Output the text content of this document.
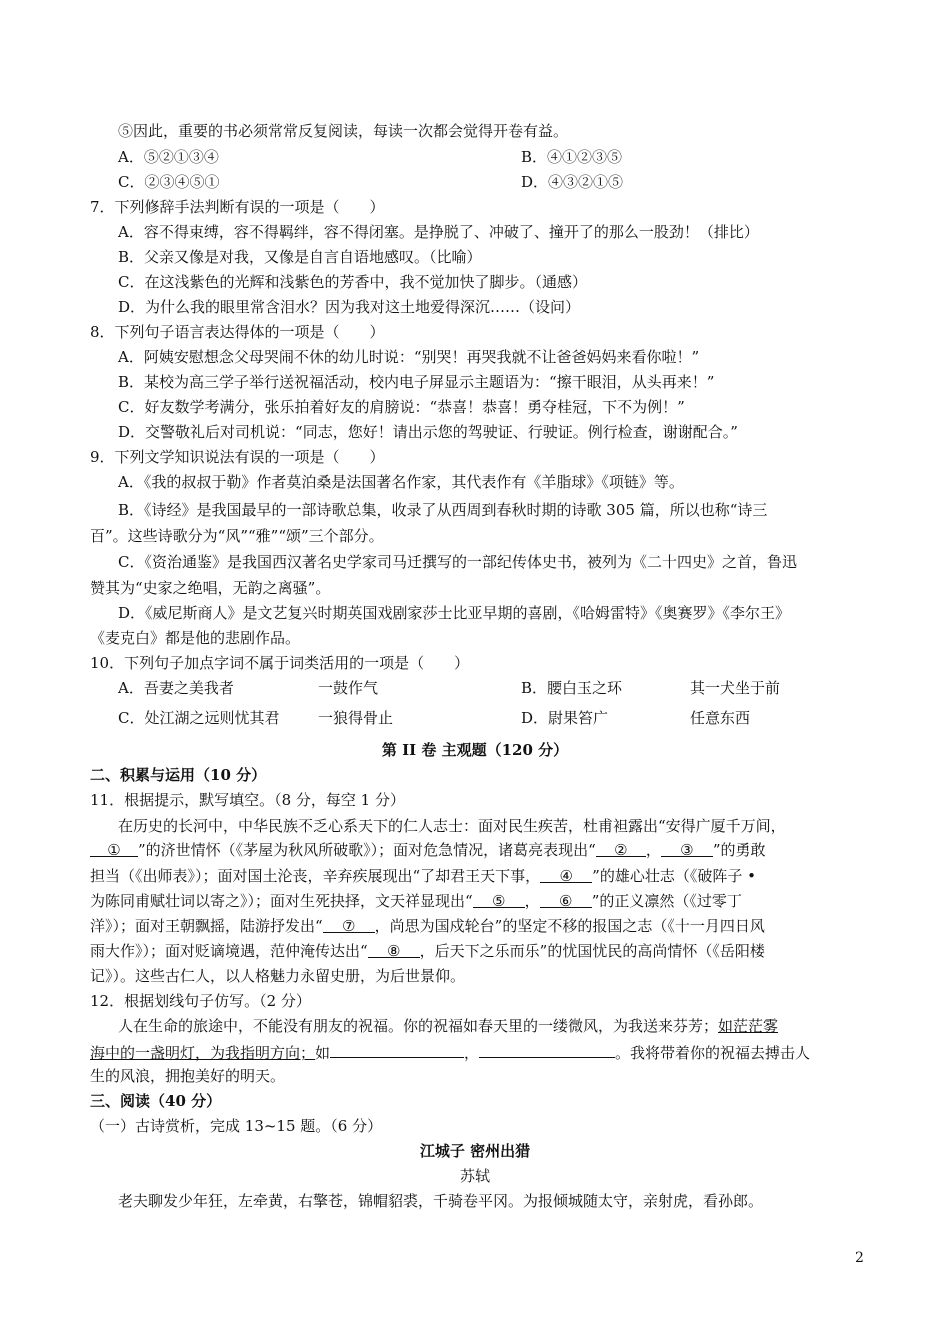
⑤因此，重要的书必须常常反复阅读，每读一次都会觉得开卷有益。
A．⑤②①③④	B．④①②③⑤
C．②③④⑤①	D．④③②①⑤
7．下列修辞手法判断有误的一项是（　　）
A．容不得束缚，容不得羁绊，容不得闭塞。是挣脱了、冲破了、撞开了的那么一股劲！（排比）
B．父亲又像是对我，又像是自言自语地感叹。（比喻）
C．在这浅紫色的光辉和浅紫色的芳香中，我不觉加快了脚步。（通感）
D．为什么我的眼里常含泪水？因为我对这土地爱得深沉……（设问）
8．下列句子语言表达得体的一项是（　　）
A．阿姨安慰想念父母哭闹不休的幼儿时说：“别哭！再哭我就不让爸爸妈妈来看你啦！”
B．某校为高三学子举行送祝福活动，校内电子屏显示主题语为：“擦干眼泪，从头再来！”
C．好友数学考满分，张乐拍着好友的肩膀说：“恭喜！恭喜！勇夺桂冠，下不为例！”
D．交警敬礼后对司机说：“同志，您好！请出示您的驾驶证、行驶证。例行检查，谢谢配合。”
9．下列文学知识说法有误的一项是（　　）
A．《我的叔叔于勒》作者莫泊桑是法国著名作家，其代表作有《羊脂球》《项链》等。
B．《诗经》是我国最早的一部诗歌总集，收录了从西周到春秋时期的诗歌 305 篇，所以也称“诗三
百”。这些诗歌分为“风”“雅”“颂”三个部分。
C．《资治通鉴》是我国西汉著名史学家司马迁撰写的一部纪传体史书，被列为《二十四史》之首，鲁迅
赞其为“史家之绝唱，无韵之离骚”。
D．《威尼斯商人》是文艺复兴时期英国戏剧家莎士比亚早期的喜剧，《哈姆雷特》《奥赛罗》《李尔王》
《麦克白》都是他的悲剧作品。
10．下列句子加点字词不属于词类活用的一项是（　　）
A．吾妻之美我者	一鼓作气	B．腰白玉之环	其一犬坐于前
C．处江湖之远则忧其君	一狼得骨止	D．尉果笞广	任意东西
第 II 卷 主观题（120 分）
二、积累与运用（10 分）
11．根据提示，默写填空。（8 分，每空 1 分）
在历史的长河中，中华民族不乏心系天下的仁人志士：面对民生疾苦，杜甫袒露出“安得广厦千万间，
① ”的济世情怀（《茅屋为秋风所破歌》）；面对危急情况，诸葛亮表现出“ ② ， ③ ”的勇敢
担当（《出师表》）；面对国土沦丧，辛弃疾展现出“了却君王天下事， ④ ”的雄心壮志（《破阵子 •
为陈同甫赋壮词以寄之》）；面对生死抉择，文天祥显现出“ ⑤ ， ⑥ ”的正义凛然（《过零丁
洋》）；面对王朝飘摇，陆游抒发出“ ⑦ ，尚思为国戍轮台”的坚定不移的报国之志（《十一月四日风
雨大作》）；面对贬谪境遇，范仲淹传达出“ ⑧ ，后天下之乐而乐”的忧国忧民的高尚情怀（《岳阳楼
记》）。这些古仁人，以人格魅力永留史册，为后世景仰。
12．根据划线句子仿写。（2 分）
人在生命的旅途中，不能没有朋友的祝福。你的祝福如春天里的一缕微风，为我送来芬芳；如茫茫雾
海中的一盏明灯，为我指明方向；如	，	。我将带着你的祝福去搏击人
生的风浪，拥抱美好的明天。
三、阅读（40 分）
（一）古诗赏析，完成 13~15 题。（6 分）
江城子 密州出猎
苏轼
老夫聊发少年狂，左牵黄，右擎苍，锦帽貂裘，千骑卷平冈。为报倾城随太守，亲射虎，看孙郎。
2
